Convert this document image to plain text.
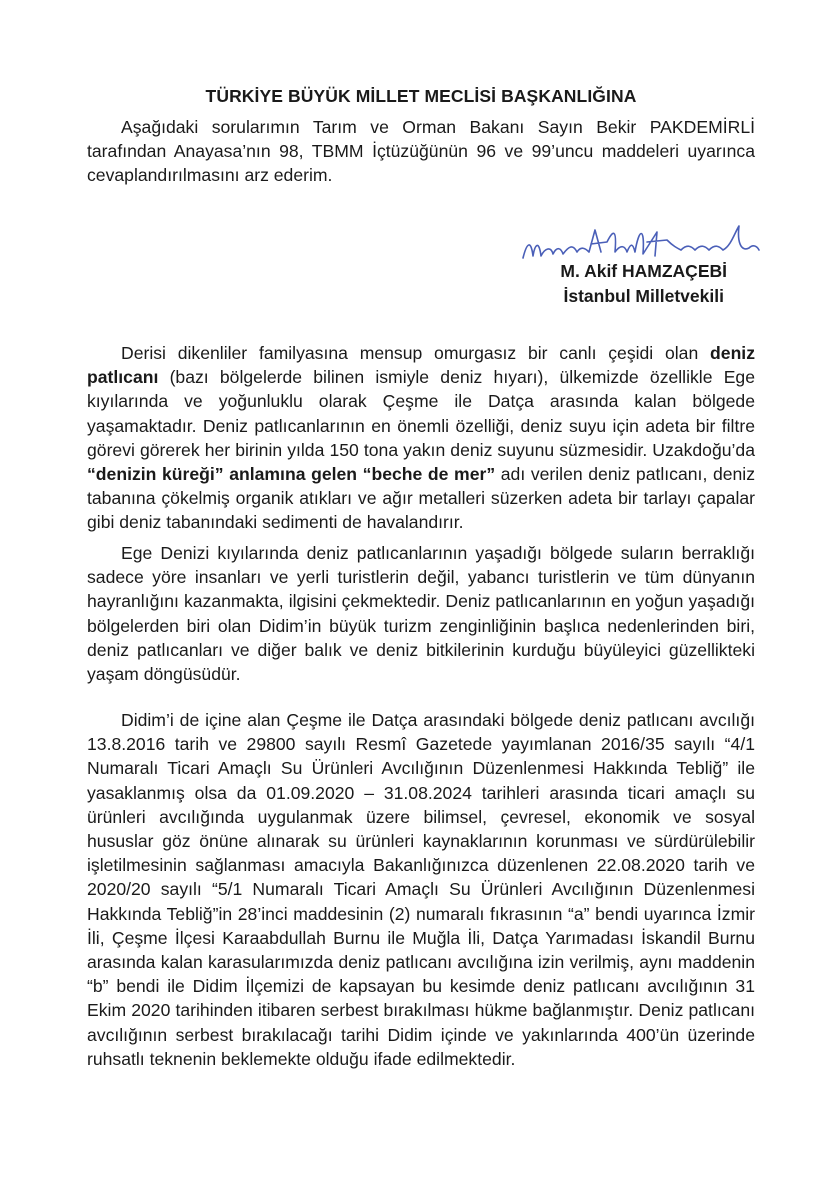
TÜRKİYE BÜYÜK MİLLET MECLİSİ BAŞKANLIĞINA

Aşağıdaki sorularımın Tarım ve Orman Bakanı Sayın Bekir PAKDEMİRLİ tarafından Anayasa’nın 98, TBMM İçtüzüğünün 96 ve 99’uncu maddeleri uyarınca cevaplandırılmasını arz ederim.

M. Akif HAMZAÇEBİ
İstanbul Milletvekili

Derisi dikenliler familyasına mensup omurgasız bir canlı çeşidi olan deniz patlıcanı (bazı bölgelerde bilinen ismiyle deniz hıyarı), ülkemizde özellikle Ege kıyılarında ve yoğunluklu olarak Çeşme ile Datça arasında kalan bölgede yaşamaktadır. Deniz patlıcanlarının en önemli özelliği, deniz suyu için adeta bir filtre görevi görerek her birinin yılda 150 tona yakın deniz suyunu süzmesidir. Uzakdoğu’da “denizin küreği” anlamına gelen “beche de mer” adı verilen deniz patlıcanı, deniz tabanına çökelmiş organik atıkları ve ağır metalleri süzerken adeta bir tarlayı çapalar gibi deniz tabanındaki sedimenti de havalandırır.

Ege Denizi kıyılarında deniz patlıcanlarının yaşadığı bölgede suların berraklığı sadece yöre insanları ve yerli turistlerin değil, yabancı turistlerin ve tüm dünyanın hayranlığını kazanmakta, ilgisini çekmektedir. Deniz patlıcanlarının en yoğun yaşadığı bölgelerden biri olan Didim’in büyük turizm zenginliğinin başlıca nedenlerinden biri, deniz patlıcanları ve diğer balık ve deniz bitkilerinin kurduğu büyüleyici güzellikteki yaşam döngüsüdür.

Didim’i de içine alan Çeşme ile Datça arasındaki bölgede deniz patlıcanı avcılığı 13.8.2016 tarih ve 29800 sayılı Resmî Gazetede yayımlanan 2016/35 sayılı “4/1 Numaralı Ticari Amaçlı Su Ürünleri Avcılığının Düzenlenmesi Hakkında Tebliğ” ile yasaklanmış olsa da 01.09.2020 – 31.08.2024 tarihleri arasında ticari amaçlı su ürünleri avcılığında uygulanmak üzere bilimsel, çevresel, ekonomik ve sosyal hususlar göz önüne alınarak su ürünleri kaynaklarının korunması ve sürdürülebilir işletilmesinin sağlanması amacıyla Bakanlığınızca düzenlenen 22.08.2020 tarih ve 2020/20 sayılı “5/1 Numaralı Ticari Amaçlı Su Ürünleri Avcılığının Düzenlenmesi Hakkında Tebliğ”in 28’inci maddesinin (2) numaralı fıkrasının “a” bendi uyarınca İzmir İli, Çeşme İlçesi Karaabdullah Burnu ile Muğla İli, Datça Yarımadası İskandil Burnu arasında kalan karasularımızda deniz patlıcanı avcılığına izin verilmiş, aynı maddenin “b” bendi ile Didim İlçemizi de kapsayan bu kesimde deniz patlıcanı avcılığının 31 Ekim 2020 tarihinden itibaren serbest bırakılması hükme bağlanmıştır. Deniz patlıcanı avcılığının serbest bırakılacağı tarihi Didim içinde ve yakınlarında 400’ün üzerinde ruhsatlı teknenin beklemekte olduğu ifade edilmektedir.
